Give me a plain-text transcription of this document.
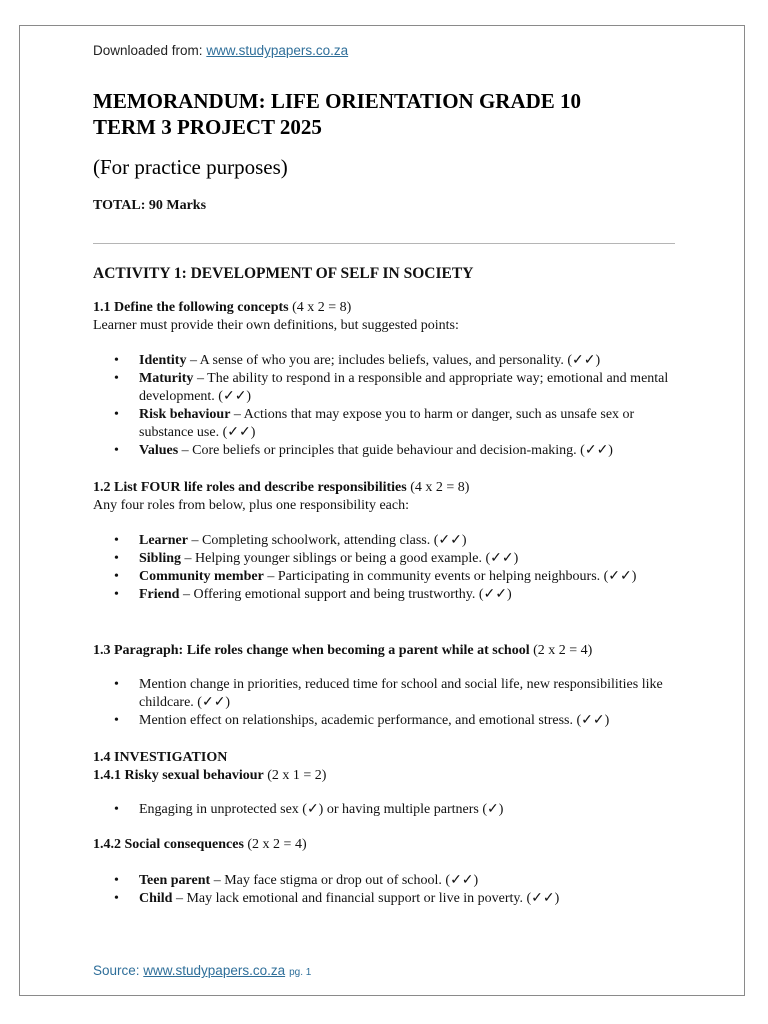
Downloaded from: www.studypapers.co.za
MEMORANDUM: LIFE ORIENTATION GRADE 10
TERM 3 PROJECT 2025
(For practice purposes)
TOTAL: 90 Marks
ACTIVITY 1: DEVELOPMENT OF SELF IN SOCIETY
1.1 Define the following concepts (4 x 2 = 8)
Learner must provide their own definitions, but suggested points:
• Identity – A sense of who you are; includes beliefs, values, and personality. (✓✓)
• Maturity – The ability to respond in a responsible and appropriate way; emotional and mental development. (✓✓)
• Risk behaviour – Actions that may expose you to harm or danger, such as unsafe sex or substance use. (✓✓)
• Values – Core beliefs or principles that guide behaviour and decision-making. (✓✓)
1.2 List FOUR life roles and describe responsibilities (4 x 2 = 8)
Any four roles from below, plus one responsibility each:
• Learner – Completing schoolwork, attending class. (✓✓)
• Sibling – Helping younger siblings or being a good example. (✓✓)
• Community member – Participating in community events or helping neighbours. (✓✓)
• Friend – Offering emotional support and being trustworthy. (✓✓)
1.3 Paragraph: Life roles change when becoming a parent while at school (2 x 2 = 4)
• Mention change in priorities, reduced time for school and social life, new responsibilities like childcare. (✓✓)
• Mention effect on relationships, academic performance, and emotional stress. (✓✓)
1.4 INVESTIGATION
1.4.1 Risky sexual behaviour (2 x 1 = 2)
• Engaging in unprotected sex (✓) or having multiple partners (✓)
1.4.2 Social consequences (2 x 2 = 4)
• Teen parent – May face stigma or drop out of school. (✓✓)
• Child – May lack emotional and financial support or live in poverty. (✓✓)
Source: www.studypapers.co.za pg. 1
